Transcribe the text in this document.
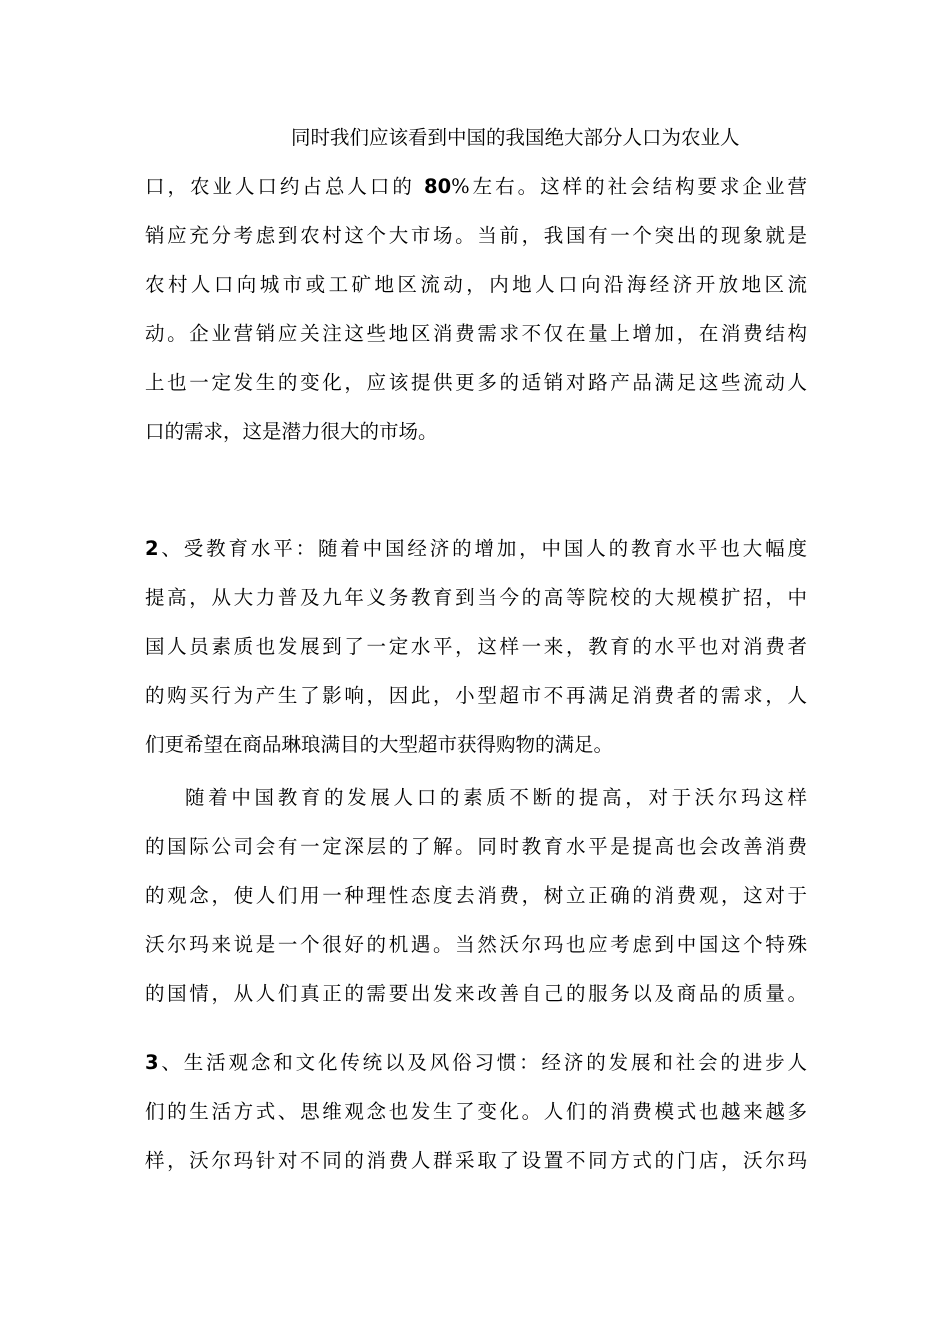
同时我们应该看到中国的我国绝大部分人口为农业人
口，农业人口约占总人口的 80%左右。这样的社会结构要求企业营
销应充分考虑到农村这个大市场。当前，我国有一个突出的现象就是
农村人口向城市或工矿地区流动，内地人口向沿海经济开放地区流
动。企业营销应关注这些地区消费需求不仅在量上增加，在消费结构
上也一定发生的变化，应该提供更多的适销对路产品满足这些流动人
口的需求，这是潜力很大的市场。
2、受教育水平：随着中国经济的增加，中国人的教育水平也大幅度
提高，从大力普及九年义务教育到当今的高等院校的大规模扩招，中
国人员素质也发展到了一定水平，这样一来，教育的水平也对消费者
的购买行为产生了影响，因此，小型超市不再满足消费者的需求，人
们更希望在商品琳琅满目的大型超市获得购物的满足。
随着中国教育的发展人口的素质不断的提高，对于沃尔玛这样
的国际公司会有一定深层的了解。同时教育水平是提高也会改善消费
的观念，使人们用一种理性态度去消费，树立正确的消费观，这对于
沃尔玛来说是一个很好的机遇。当然沃尔玛也应考虑到中国这个特殊
的国情，从人们真正的需要出发来改善自己的服务以及商品的质量。
3、生活观念和文化传统以及风俗习惯：经济的发展和社会的进步人
们的生活方式、思维观念也发生了变化。人们的消费模式也越来越多
样，沃尔玛针对不同的消费人群采取了设置不同方式的门店，沃尔玛
